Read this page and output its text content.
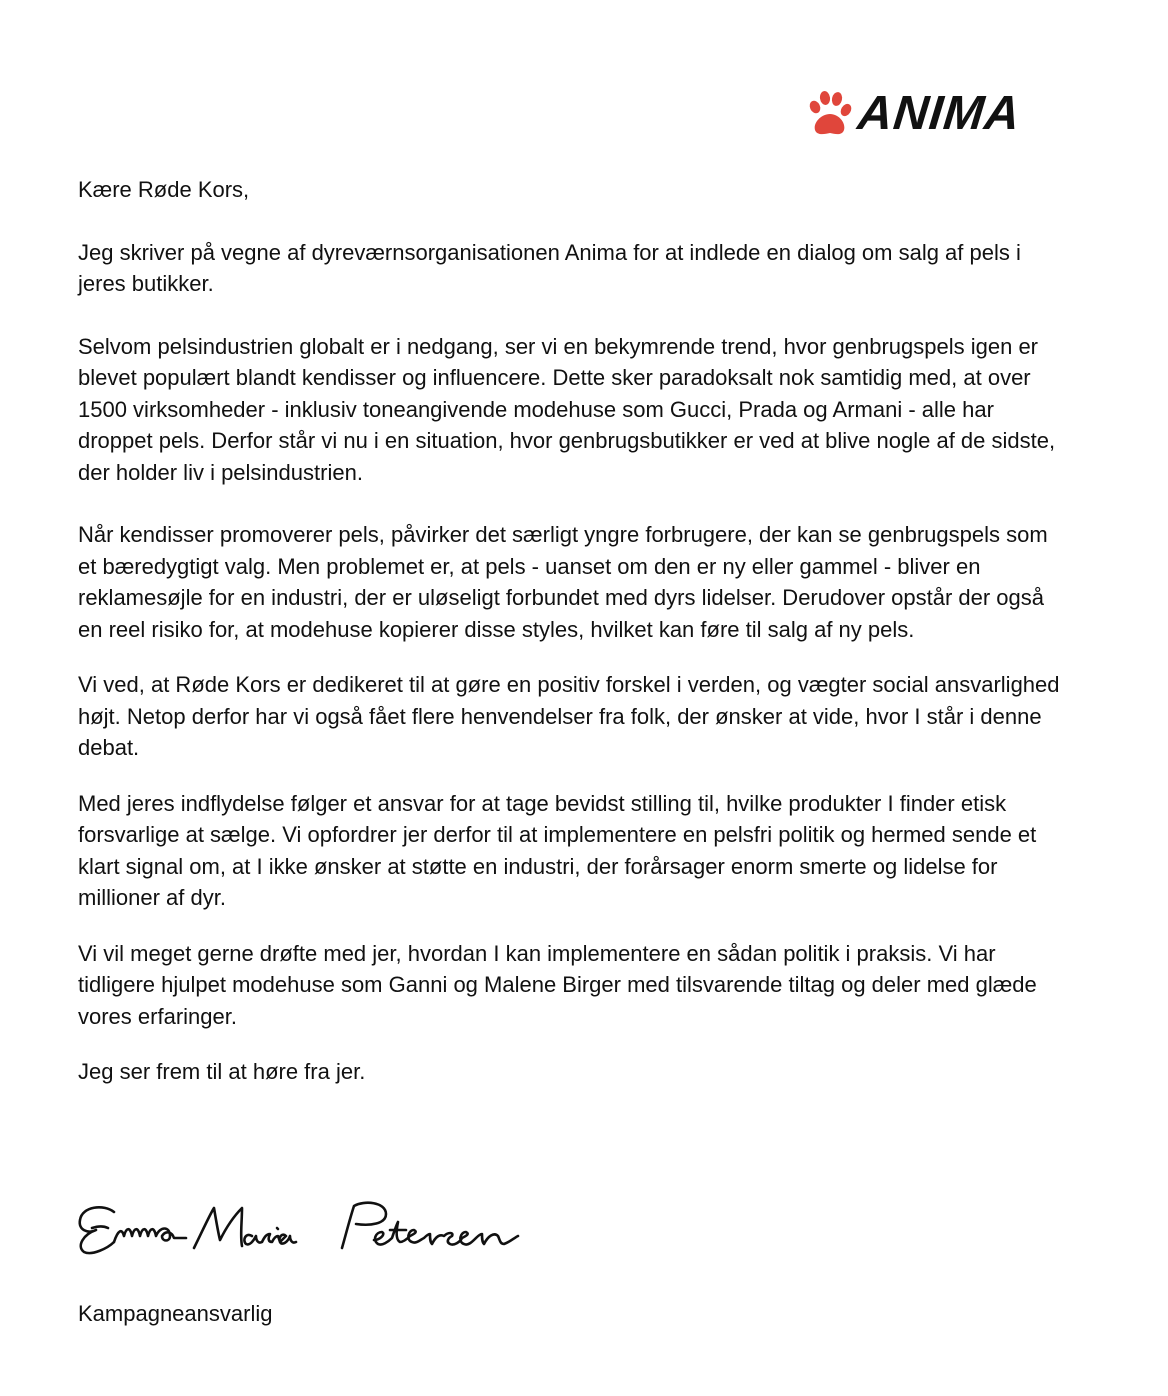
ANIMA

Kære Røde Kors,

Jeg skriver på vegne af dyreværnsorganisationen Anima for at indlede en dialog om salg af pels i jeres butikker.

Selvom pelsindustrien globalt er i nedgang, ser vi en bekymrende trend, hvor genbrugspels igen er blevet populært blandt kendisser og influencere. Dette sker paradoksalt nok samtidig med, at over 1500 virksomheder - inklusiv toneangivende modehuse som Gucci, Prada og Armani - alle har droppet pels. Derfor står vi nu i en situation, hvor genbrugsbutikker er ved at blive nogle af de sidste, der holder liv i pelsindustrien.

Når kendisser promoverer pels, påvirker det særligt yngre forbrugere, der kan se genbrugspels som et bæredygtigt valg. Men problemet er, at pels - uanset om den er ny eller gammel - bliver en reklamesøjle for en industri, der er uløseligt forbundet med dyrs lidelser. Derudover opstår der også en reel risiko for, at modehuse kopierer disse styles, hvilket kan føre til salg af ny pels.

Vi ved, at Røde Kors er dedikeret til at gøre en positiv forskel i verden, og vægter social ansvarlighed højt. Netop derfor har vi også fået flere henvendelser fra folk, der ønsker at vide, hvor I står i denne debat.

Med jeres indflydelse følger et ansvar for at tage bevidst stilling til, hvilke produkter I finder etisk forsvarlige at sælge. Vi opfordrer jer derfor til at implementere en pelsfri politik og hermed sende et klart signal om, at I ikke ønsker at støtte en industri, der forårsager enorm smerte og lidelse for millioner af dyr.

Vi vil meget gerne drøfte med jer, hvordan I kan implementere en sådan politik i praksis. Vi har tidligere hjulpet modehuse som Ganni og Malene Birger med tilsvarende tiltag og deler med glæde vores erfaringer.

Jeg ser frem til at høre fra jer.

Kampagneansvarlig
